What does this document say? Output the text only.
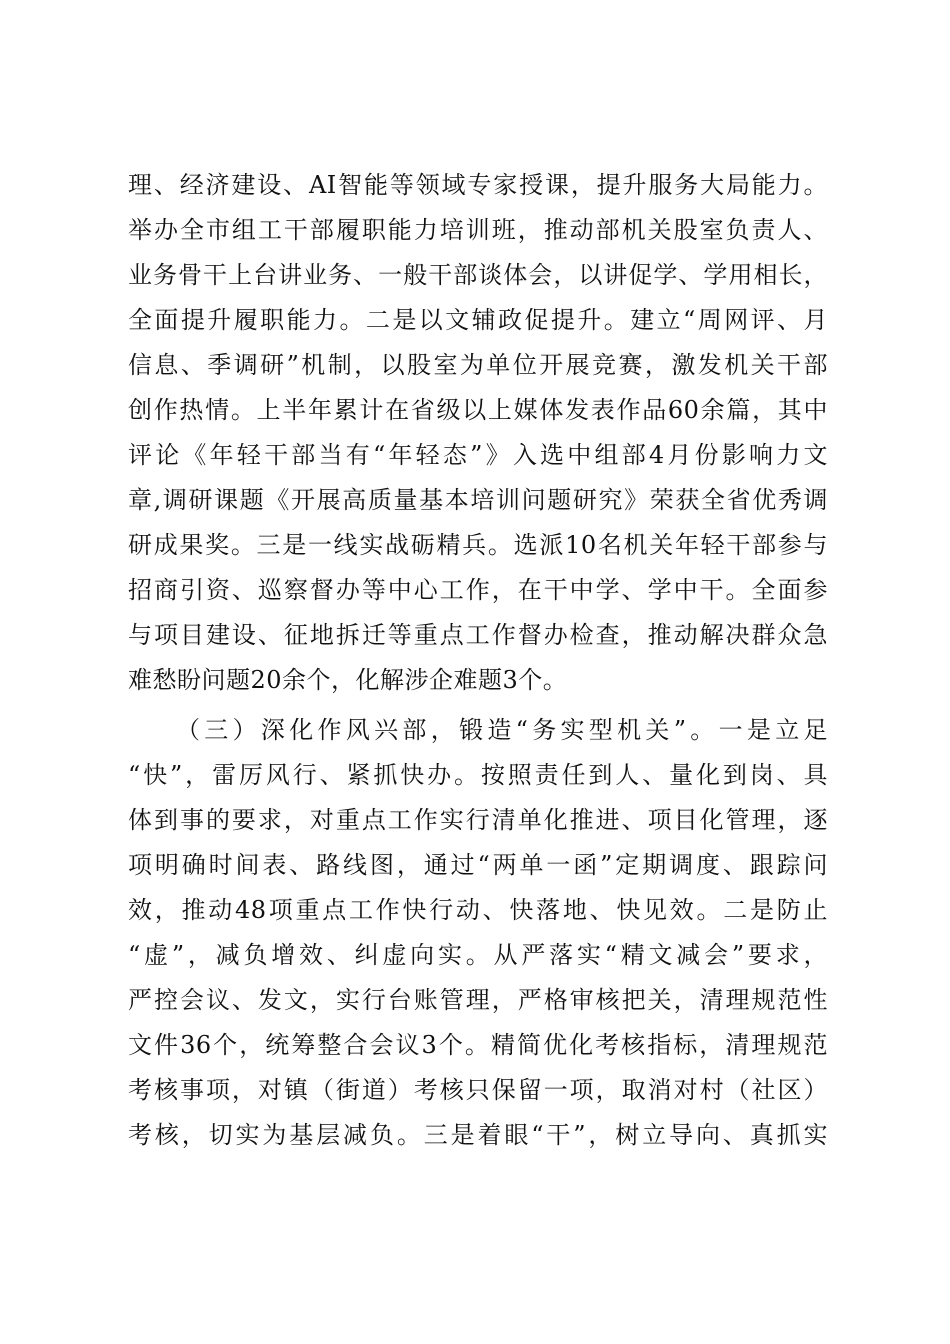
理、经济建设、AI智能等领域专家授课，提升服务大局能力。
举办全市组工干部履职能力培训班，推动部机关股室负责人、
业务骨干上台讲业务、一般干部谈体会，以讲促学、学用相长，
全面提升履职能力。二是以文辅政促提升。建立“周网评、月
信息、季调研”机制，以股室为单位开展竞赛，激发机关干部
创作热情。上半年累计在省级以上媒体发表作品60余篇，其中
评论《年轻干部当有“年轻态”》入选中组部4月份影响力文
章,调研课题《开展高质量基本培训问题研究》荣获全省优秀调
研成果奖。三是一线实战砺精兵。选派10名机关年轻干部参与
招商引资、巡察督办等中心工作，在干中学、学中干。全面参
与项目建设、征地拆迁等重点工作督办检查，推动解决群众急
难愁盼问题20余个，化解涉企难题3个。
（三）深化作风兴部，锻造“务实型机关”。一是立足
“快”，雷厉风行、紧抓快办。按照责任到人、量化到岗、具
体到事的要求，对重点工作实行清单化推进、项目化管理，逐
项明确时间表、路线图，通过“两单一函”定期调度、跟踪问
效，推动48项重点工作快行动、快落地、快见效。二是防止
“虚”，减负增效、纠虚向实。从严落实“精文减会”要求，
严控会议、发文，实行台账管理，严格审核把关，清理规范性
文件36个，统筹整合会议3个。精简优化考核指标，清理规范
考核事项，对镇（街道）考核只保留一项，取消对村（社区）
考核，切实为基层减负。三是着眼“干”，树立导向、真抓实
